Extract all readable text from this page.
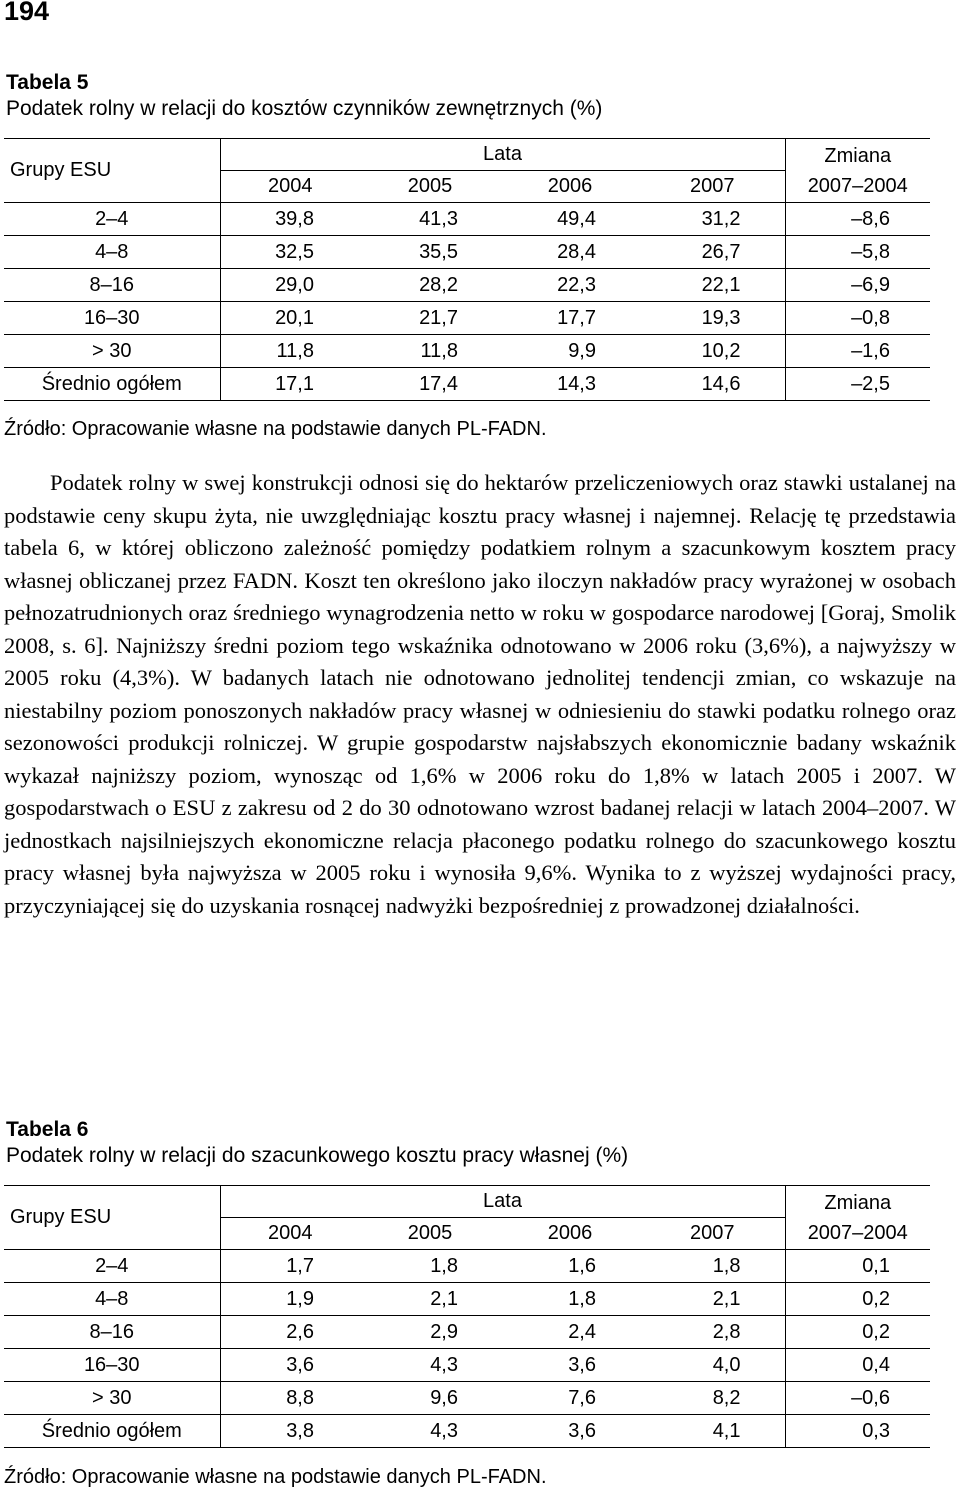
194
Tabela 5
Podatek rolny w relacji do kosztów czynników zewnętrznych (%)
Grupy ESU	Lata				Zmiana
2007–2004

	2004	2005	2006	2007	
2–4	39,8	41,3	49,4	31,2	–8,6
4–8	32,5	35,5	28,4	26,7	–5,8
8–16	29,0	28,2	22,3	22,1	–6,9
16–30	20,1	21,7	17,7	19,3	–0,8
> 30	11,8	11,8	9,9	10,2	–1,6
Średnio ogółem	17,1	17,4	14,3	14,6	–2,5
Źródło: Opracowanie własne na podstawie danych PL-FADN.
Podatek rolny w swej konstrukcji odnosi się do hektarów przeliczeniowych oraz stawki ustalanej na podstawie ceny skupu żyta, nie uwzględniając kosztu pracy własnej i najemnej. Relację tę przedstawia tabela 6, w której obliczono zależność pomiędzy podatkiem rolnym a szacunkowym kosztem pracy własnej obliczanej przez FADN. Koszt ten określono jako iloczyn nakładów pracy wyrażonej w osobach pełnozatrudnionych oraz średniego wynagrodzenia netto w roku w gospodarce narodowej [Goraj, Smolik 2008, s. 6]. Najniższy średni poziom tego wskaźnika odnotowano w 2006 roku (3,6%), a najwyższy w 2005 roku (4,3%). W badanych latach nie odnotowano jednolitej tendencji zmian, co wskazuje na niestabilny poziom ponoszonych nakładów pracy własnej w odniesieniu do stawki podatku rolnego oraz sezonowości produkcji rolniczej. W grupie gospodarstw najsłabszych ekonomicznie badany wskaźnik wykazał najniższy poziom, wynosząc od 1,6% w 2006 roku do 1,8% w latach 2005 i 2007. W gospodarstwach o ESU z zakresu od 2 do 30 odnotowano wzrost badanej relacji w latach 2004–2007. W jednostkach najsilniejszych ekonomiczne relacja płaconego podatku rolnego do szacunkowego kosztu pracy własnej była najwyższa w 2005 roku i wynosiła 9,6%. Wynika to z wyższej wydajności pracy, przyczyniającej się do uzyskania rosnącej nadwyżki bezpośredniej z prowadzonej działalności.
Tabela 6
Podatek rolny w relacji do szacunkowego kosztu pracy własnej (%)
Grupy ESU	Lata				Zmiana
2007–2004

	2004	2005	2006	2007	
2–4	1,7	1,8	1,6	1,8	0,1
4–8	1,9	2,1	1,8	2,1	0,2
8–16	2,6	2,9	2,4	2,8	0,2
16–30	3,6	4,3	3,6	4,0	0,4
> 30	8,8	9,6	7,6	8,2	–0,6
Średnio ogółem	3,8	4,3	3,6	4,1	0,3
Źródło: Opracowanie własne na podstawie danych PL-FADN.
